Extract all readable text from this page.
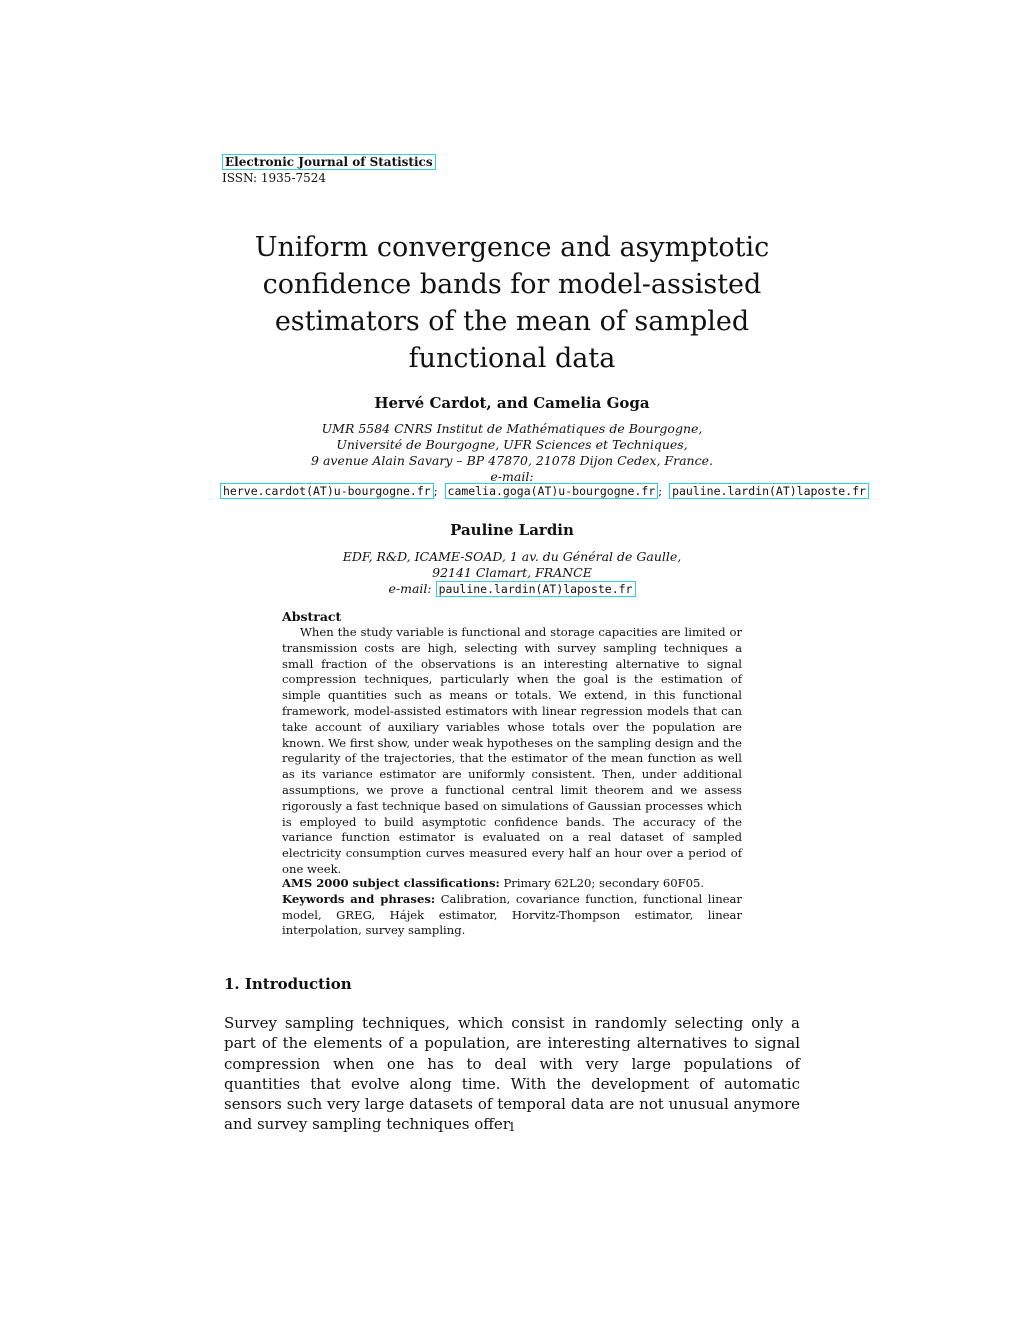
Electronic Journal of Statistics
ISSN: 1935-7524
Uniform convergence and asymptotic
confidence bands for model-assisted
estimators of the mean of sampled
functional data
Hervé Cardot, and Camelia Goga
UMR 5584 CNRS Institut de Mathématiques de Bourgogne,
Université de Bourgogne, UFR Sciences et Techniques,
9 avenue Alain Savary – BP 47870, 21078 Dijon Cedex, France.
e-mail:
herve.cardot(AT)u-bourgogne.fr ; camelia.goga(AT)u-bourgogne.fr ; pauline.lardin(AT)laposte.fr
Pauline Lardin
EDF, R&D, ICAME-SOAD, 1 av. du Général de Gaulle,
92141 Clamart, FRANCE
e-mail: pauline.lardin(AT)laposte.fr
Abstract
When the study variable is functional and storage capacities are limited or transmission costs are high, selecting with survey sampling techniques a small fraction of the observations is an interesting alternative to signal compression techniques, particularly when the goal is the estimation of simple quantities such as means or totals. We extend, in this functional framework, model-assisted estimators with linear regression models that can take account of auxiliary variables whose totals over the population are known. We first show, under weak hypotheses on the sampling design and the regularity of the trajectories, that the estimator of the mean function as well as its variance estimator are uniformly consistent. Then, under additional assumptions, we prove a functional central limit theorem and we assess rigorously a fast technique based on simulations of Gaussian processes which is employed to build asymptotic confidence bands. The accuracy of the variance function estimator is evaluated on a real dataset of sampled electricity consumption curves measured every half an hour over a period of one week.
AMS 2000 subject classifications: Primary 62L20; secondary 60F05.
Keywords and phrases: Calibration, covariance function, functional linear model, GREG, Hájek estimator, Horvitz-Thompson estimator, linear interpolation, survey sampling.
1. Introduction
Survey sampling techniques, which consist in randomly selecting only a part of the elements of a population, are interesting alternatives to signal compression when one has to deal with very large populations of quantities that evolve along time. With the development of automatic sensors such very large datasets of temporal data are not unusual anymore and survey sampling techniques offer
1
